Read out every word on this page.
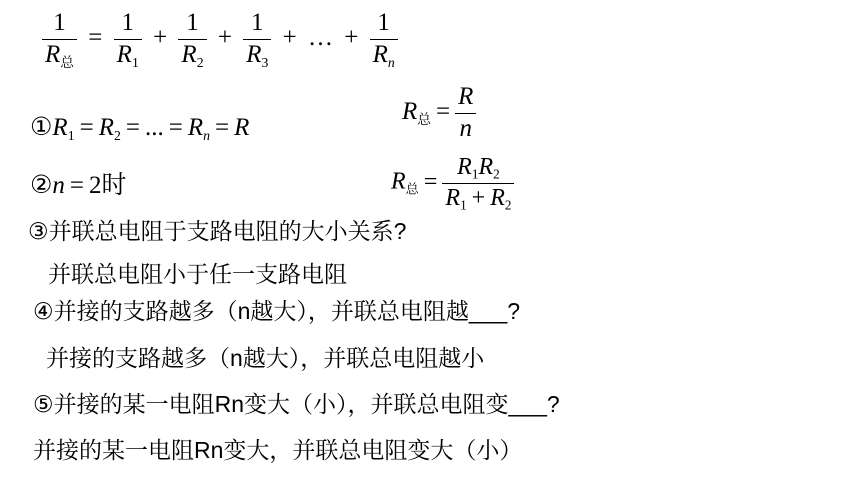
$\frac{1}{R_总} = \frac{1}{R_1} + \frac{1}{R_2} + \frac{1}{R_3}$ + … + $\frac{1}{R_n}$
$①R_1 = R_2$ = ... = $R_n = R$
$R_总 = \frac{R}{n}$
②n = 2时	$R_总 = \frac{R_1R_2}{R_1 + R_2}$
③并联总电阻于支路电阻的大小关系?
并联总电阻小于任一支路电阻
④并接的支路越多（n越大），并联总电阻越___?
并接的支路越多（n越大），并联总电阻越小
⑤并接的某一电阻Rn变大（小），并联总电阻变___?
并接的某一电阻Rn变大，并联总电阻变大（小）
